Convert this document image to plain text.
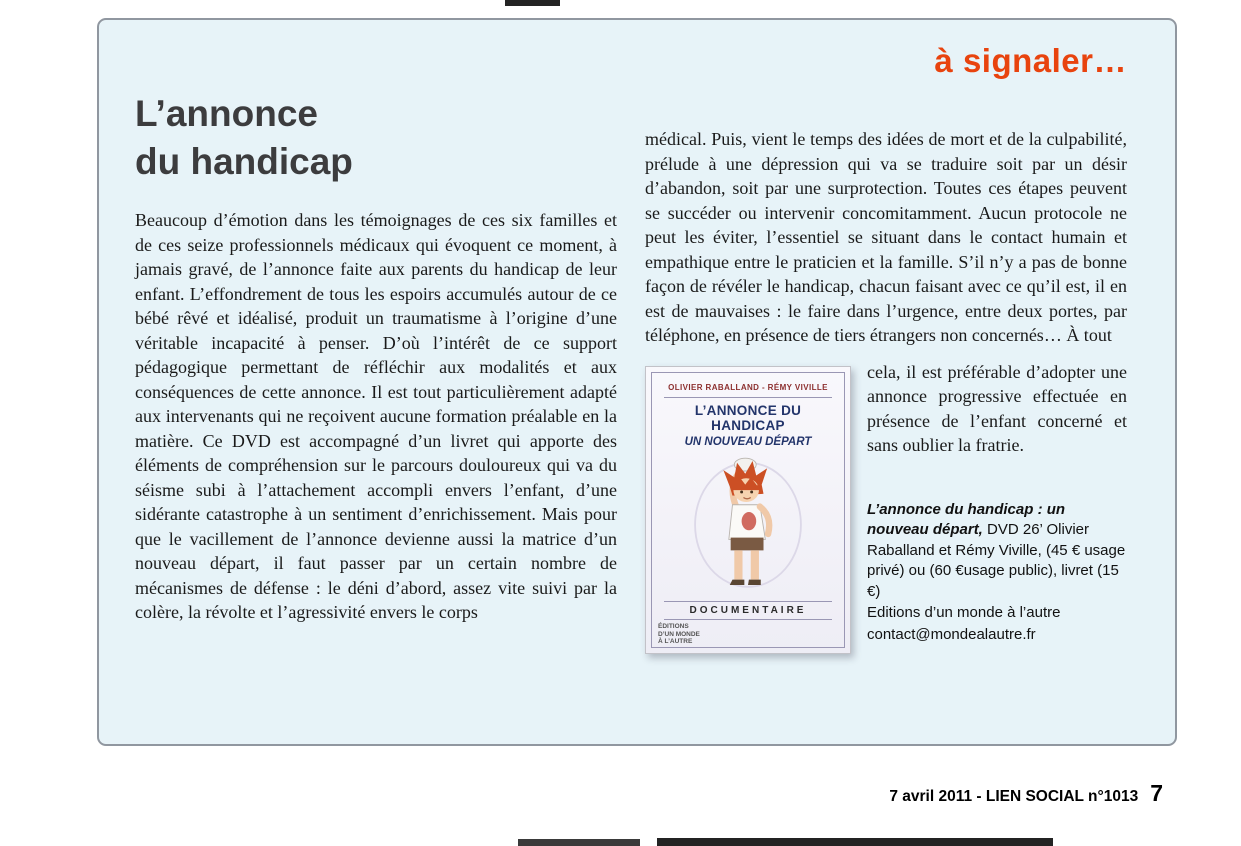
à signaler…
L’annonce
du handicap

Beaucoup d’émotion dans les témoignages de ces six familles et de ces seize professionnels médicaux qui évoquent ce moment, à jamais gravé, de l’annonce faite aux parents du handicap de leur enfant. L’effondrement de tous les espoirs accumulés autour de ce bébé rêvé et idéalisé, produit un traumatisme à l’origine d’une véritable incapacité à penser. D’où l’intérêt de ce support pédagogique permettant de réfléchir aux modalités et aux conséquences de cette annonce. Il est tout particulièrement adapté aux intervenants qui ne reçoivent aucune formation préalable en la matière. Ce DVD est accompagné d’un livret qui apporte des éléments de compréhension sur le parcours douloureux qui va du séisme subi à l’attachement accompli envers l’enfant, d’une sidérante catastrophe à un sentiment d’enrichissement. Mais pour que le vacillement de l’annonce devienne aussi la matrice d’un nouveau départ, il faut passer par un certain nombre de mécanismes de défense : le déni d’abord, assez vite suivi par la colère, la révolte et l’agressivité envers le corps

médical. Puis, vient le temps des idées de mort et de la culpabilité, prélude à une dépression qui va se traduire soit par un désir d’abandon, soit par une surprotection. Toutes ces étapes peuvent se succéder ou intervenir concomitamment. Aucun protocole ne peut les éviter, l’essentiel se situant dans le contact humain et empathique entre le praticien et la famille. S’il n’y a pas de bonne façon de révéler le handicap, chacun faisant avec ce qu’il est, il en est de mauvaises : le faire dans l’urgence, entre deux portes, par téléphone, en présence de tiers étrangers non concernés… À tout

OLIVIER RABALLAND - RÉMY VIVILLE
L’ANNONCE DU HANDICAP
UN NOUVEAU DÉPART
DOCUMENTAIRE
ÉDITIONS
D’UN MONDE
À L’AUTRE

cela, il est préférable d’adopter une annonce progressive effectuée en présence de l’enfant concerné et sans oublier la fratrie.

L’annonce du handicap : un nouveau départ, DVD 26’ Olivier Raballand et Rémy Viville, (45 € usage privé) ou (60 €usage public), livret (15 €)
Editions d’un monde à l’autre
contact@mondealautre.fr
7 avril 2011 - LIEN SOCIAL n°1013 7
